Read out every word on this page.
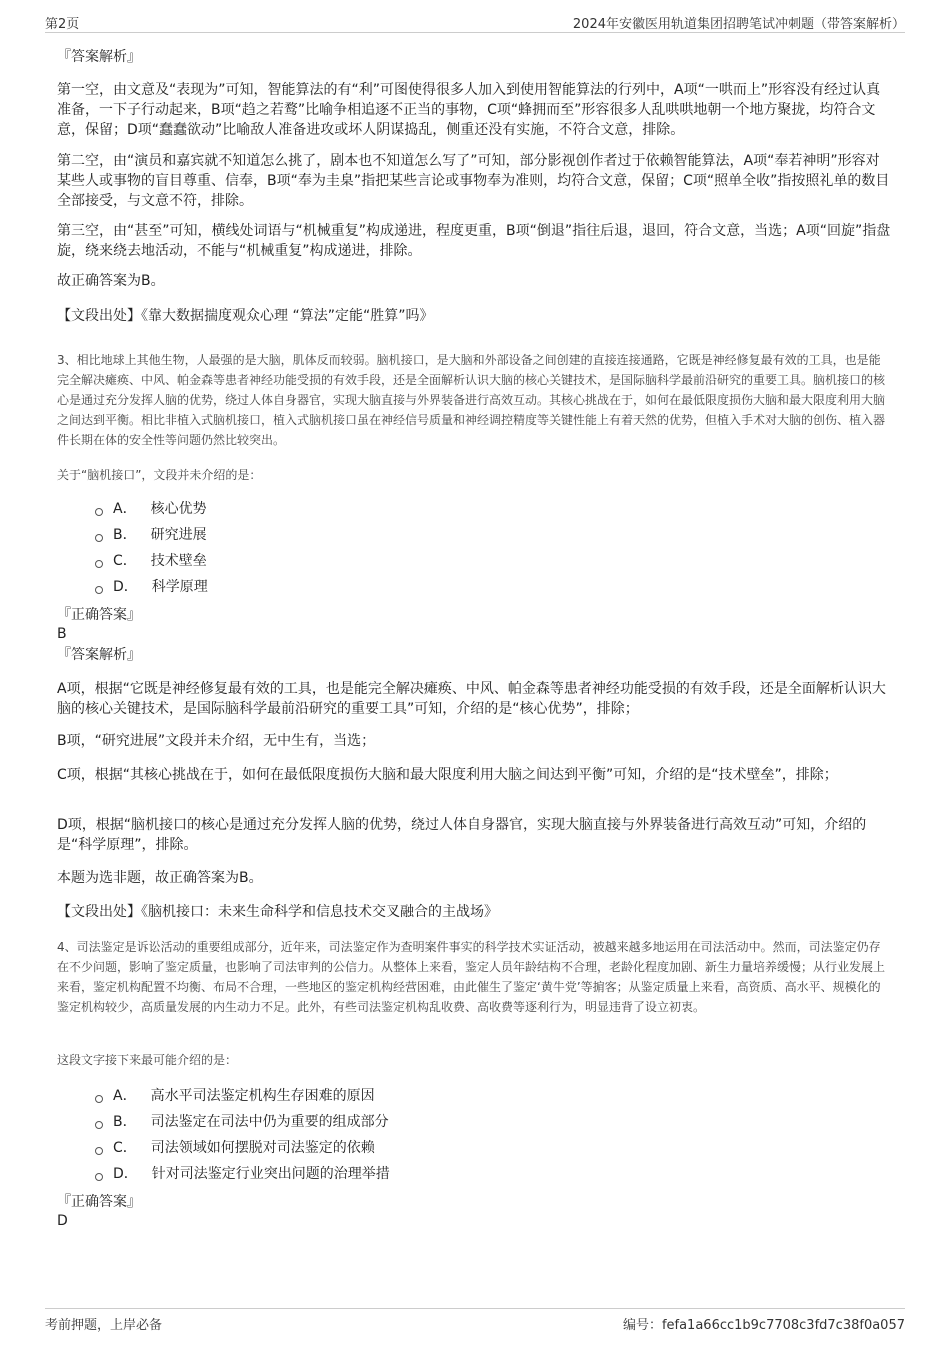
第2页	2024年安徽医用轨道集团招聘笔试冲刺题（带答案解析）
『答案解析』
第一空，由文意及“表现为”可知，智能算法的有“利”可图使得很多人加入到使用智能算法的行列中，A项“一哄而上”形容没有经过认真准备，一下子行动起来，B项“趋之若鹜”比喻争相追逐不正当的事物，C项“蜂拥而至”形容很多人乱哄哄地朝一个地方聚拢，均符合文意，保留；D项“蠢蠢欲动”比喻敌人准备进攻或坏人阴谋捣乱，侧重还没有实施，不符合文意，排除。
第二空，由“演员和嘉宾就不知道怎么挑了，剧本也不知道怎么写了”可知，部分影视创作者过于依赖智能算法，A项“奉若神明”形容对某些人或事物的盲目尊重、信奉，B项“奉为圭臬”指把某些言论或事物奉为准则，均符合文意，保留；C项“照单全收”指按照礼单的数目全部接受，与文意不符，排除。
第三空，由“甚至”可知，横线处词语与“机械重复”构成递进，程度更重，B项“倒退”指往后退，退回，符合文意，当选；A项“回旋”指盘旋，绕来绕去地活动，不能与“机械重复”构成递进，排除。
故正确答案为B。
【文段出处】《靠大数据揣度观众心理 “算法”定能“胜算”吗》
3、相比地球上其他生物，人最强的是大脑，肌体反而较弱。脑机接口，是大脑和外部设备之间创建的直接连接通路，它既是神经修复最有效的工具，也是能完全解决瘫痪、中风、帕金森等患者神经功能受损的有效手段，还是全面解析认识大脑的核心关键技术，是国际脑科学最前沿研究的重要工具。脑机接口的核心是通过充分发挥人脑的优势，绕过人体自身器官，实现大脑直接与外界装备进行高效互动。其核心挑战在于，如何在最低限度损伤大脑和最大限度利用大脑之间达到平衡。相比非植入式脑机接口，植入式脑机接口虽在神经信号质量和神经调控精度等关键性能上有着天然的优势，但植入手术对大脑的创伤、植入器件长期在体的安全性等问题仍然比较突出。
关于“脑机接口”，文段并未介绍的是：
A． 核心优势
B． 研究进展
C． 技术壁垒
D． 科学原理
『正确答案』
B
『答案解析』
A项，根据“它既是神经修复最有效的工具，也是能完全解决瘫痪、中风、帕金森等患者神经功能受损的有效手段，还是全面解析认识大脑的核心关键技术，是国际脑科学最前沿研究的重要工具”可知，介绍的是“核心优势”，排除；
B项，“研究进展”文段并未介绍，无中生有，当选；
C项，根据“其核心挑战在于，如何在最低限度损伤大脑和最大限度利用大脑之间达到平衡”可知，介绍的是“技术壁垒”，排除；
D项，根据“脑机接口的核心是通过充分发挥人脑的优势，绕过人体自身器官，实现大脑直接与外界装备进行高效互动”可知，介绍的是“科学原理”，排除。
本题为选非题，故正确答案为B。
【文段出处】《脑机接口：未来生命科学和信息技术交叉融合的主战场》
4、司法鉴定是诉讼活动的重要组成部分，近年来，司法鉴定作为查明案件事实的科学技术实证活动，被越来越多地运用在司法活动中。然而，司法鉴定仍存在不少问题，影响了鉴定质量，也影响了司法审判的公信力。从整体上来看，鉴定人员年龄结构不合理，老龄化程度加剧、新生力量培养缓慢；从行业发展上来看，鉴定机构配置不均衡、布局不合理，一些地区的鉴定机构经营困难，由此催生了鉴定‘黄牛党’等掮客；从鉴定质量上来看，高资质、高水平、规模化的鉴定机构较少，高质量发展的内生动力不足。此外，有些司法鉴定机构乱收费、高收费等逐利行为，明显违背了设立初衷。
这段文字接下来最可能介绍的是：
A． 高水平司法鉴定机构生存困难的原因
B． 司法鉴定在司法中仍为重要的组成部分
C． 司法领域如何摆脱对司法鉴定的依赖
D． 针对司法鉴定行业突出问题的治理举措
『正确答案』
D
考前押题，上岸必备	编号：fefa1a66cc1b9c7708c3fd7c38f0a057
